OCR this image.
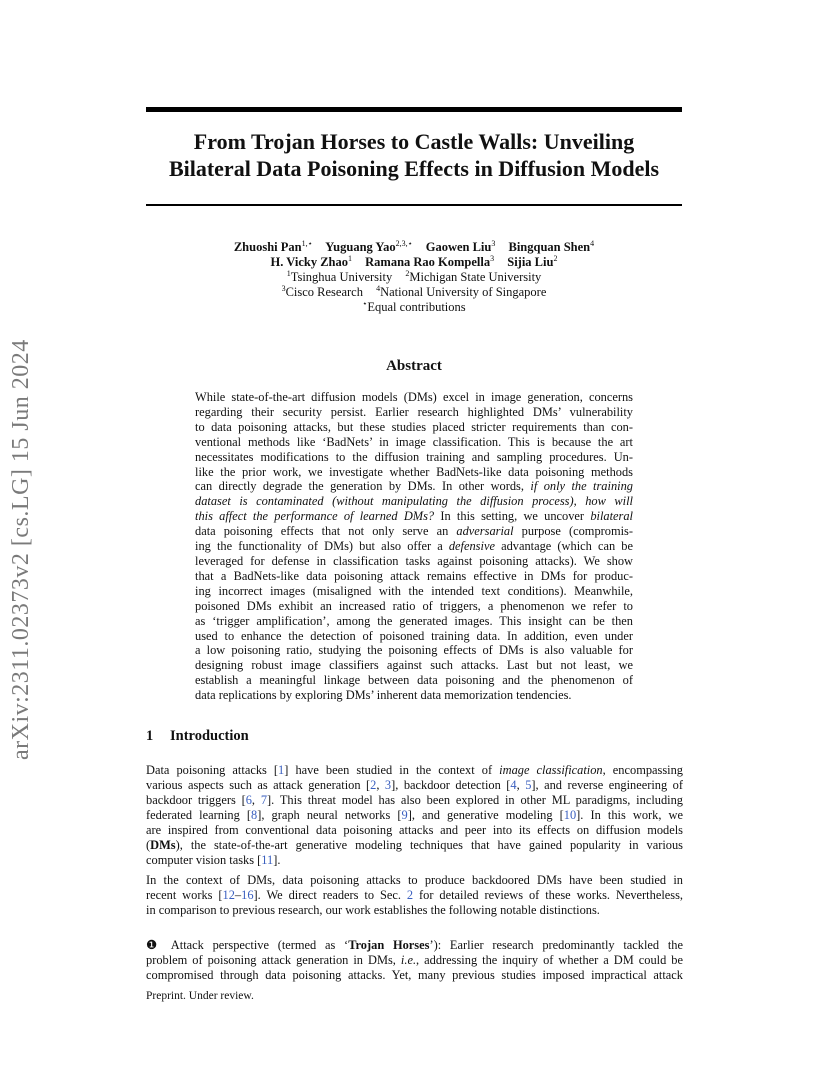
arXiv:2311.02373v2 [cs.LG] 15 Jun 2024
From Trojan Horses to Castle Walls: Unveiling
Bilateral Data Poisoning Effects in Diffusion Models
Zhuoshi Pan$^{1,⋆}$ Yuguang Yao$^{2,3,⋆}$ Gaowen Liu$^3$ Bingquan Shen$^4$
H. Vicky Zhao$^1$ Ramana Rao Kompella$^3$ Sijia Liu$^2$
$^1$Tsinghua University $^2$Michigan State University
$^3$Cisco Research $^4$National University of Singapore
⋆Equal contributions
Abstract
While state-of-the-art diffusion models (DMs) excel in image generation, concerns
regarding their security persist. Earlier research highlighted DMs’ vulnerability
to data poisoning attacks, but these studies placed stricter requirements than con-
ventional methods like ‘BadNets’ in image classification. This is because the art
necessitates modifications to the diffusion training and sampling procedures. Un-
like the prior work, we investigate whether BadNets-like data poisoning methods
can directly degrade the generation by DMs. In other words, if only the training
dataset is contaminated (without manipulating the diffusion process), how will
this affect the performance of learned DMs? In this setting, we uncover bilateral
data poisoning effects that not only serve an adversarial purpose (compromis-
ing the functionality of DMs) but also offer a defensive advantage (which can be
leveraged for defense in classification tasks against poisoning attacks). We show
that a BadNets-like data poisoning attack remains effective in DMs for produc-
ing incorrect images (misaligned with the intended text conditions). Meanwhile,
poisoned DMs exhibit an increased ratio of triggers, a phenomenon we refer to
as ‘trigger amplification’, among the generated images. This insight can be then
used to enhance the detection of poisoned training data. In addition, even under
a low poisoning ratio, studying the poisoning effects of DMs is also valuable for
designing robust image classifiers against such attacks. Last but not least, we
establish a meaningful linkage between data poisoning and the phenomenon of
data replications by exploring DMs’ inherent data memorization tendencies.
1 Introduction
Data poisoning attacks [1] have been studied in the context of image classification, encompassing
various aspects such as attack generation [2, 3], backdoor detection [4, 5], and reverse engineering of
backdoor triggers [6, 7]. This threat model has also been explored in other ML paradigms, including
federated learning [8], graph neural networks [9], and generative modeling [10]. In this work, we
are inspired from conventional data poisoning attacks and peer into its effects on diffusion models
(DMs), the state-of-the-art generative modeling techniques that have gained popularity in various
computer vision tasks [11].
In the context of DMs, data poisoning attacks to produce backdoored DMs have been studied in
recent works [12–16]. We direct readers to Sec. 2 for detailed reviews of these works. Nevertheless,
in comparison to previous research, our work establishes the following notable distinctions.
❶ Attack perspective (termed as ‘Trojan Horses’): Earlier research predominantly tackled the
problem of poisoning attack generation in DMs, i.e., addressing the inquiry of whether a DM could be
compromised through data poisoning attacks. Yet, many previous studies imposed impractical attack
Preprint. Under review.
